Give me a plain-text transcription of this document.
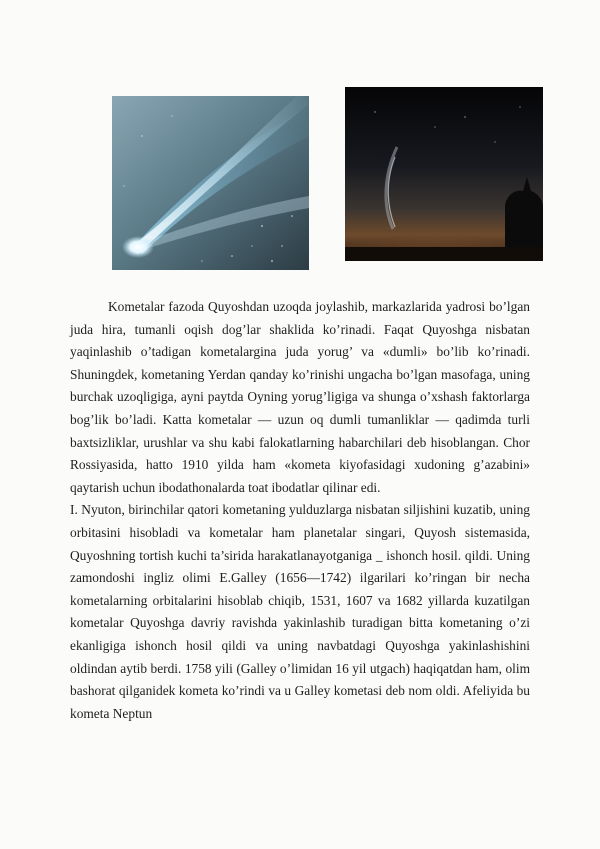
Kometalar fazoda Quyoshdan uzoqda joylashib, markazlarida yadrosi bo’lgan juda hira, tumanli oqish dog’lar shaklida ko’rinadi. Faqat Quyoshga nisbatan yaqinlashib o’tadigan kometalargina juda yorug’ va «dumli» bo’lib ko’rinadi. Shuningdek, kometaning Yerdan qanday ko’rinishi ungacha bo’lgan masofaga, uning burchak uzoqligiga, ayni paytda Oyning yorug’ligiga va shunga o’xshash faktorlarga bog’lik bo’ladi. Katta kometalar — uzun oq dumli tumanliklar — qadimda turli baxtsizliklar, urushlar va shu kabi falokatlarning habarchilari deb hisoblangan. Chor Rossiyasida, hatto 1910 yilda ham «kometa kiyofasidagi xudoning g’azabini» qaytarish uchun ibodathonalarda toat ibodatlar qilinar edi.

I. Nyuton, birinchilar qatori kometaning yulduzlarga nisbatan siljishini kuzatib, uning orbitasini hisobladi va kometalar ham planetalar singari, Quyosh sistemasida, Quyoshning tortish kuchi ta’sirida harakatlanayotganiga _ ishonch hosil. qildi. Uning zamondoshi ingliz olimi E.Galley (1656—1742) ilgarilari ko’ringan bir necha kometalarning orbitalarini hisoblab chiqib, 1531, 1607 va 1682 yillarda kuzatilgan kometalar Quyoshga davriy ravishda yakinlashib turadigan bitta kometaning o’zi ekanligiga ishonch hosil qildi va uning navbatdagi Quyoshga yakinlashishini oldindan aytib berdi. 1758 yili (Galley o’limidan 16 yil utgach) haqiqatdan ham, olim bashorat qilganidek kometa ko’rindi va u Galley kometasi deb nom oldi. Afeliyida bu kometa Neptun
